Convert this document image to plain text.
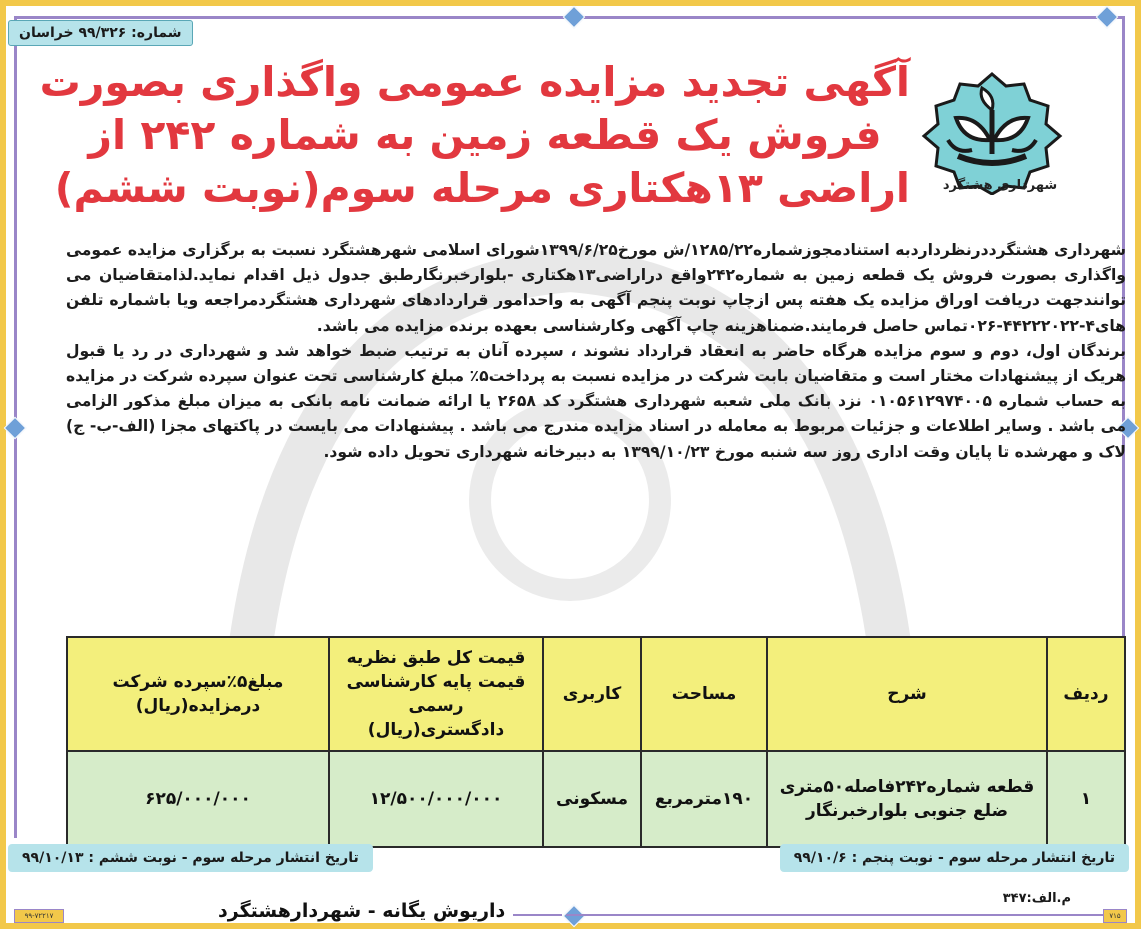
شماره: ۹۹/۳۲۶ خراسان
شهرداری هشتگرد
آگهی تجدید مزایده عمومی واگذاری بصورت
فروش یک قطعه زمین به شماره ۲۴۲ از
اراضی ۱۳هکتاری مرحله سوم(نوبت ششم)

شهرداری هشتگرددرنظرداردبه استنادمجوزشماره۱۲۸۵/۲۲/ش مورخ۱۳۹۹/۶/۲۵شورای اسلامی شهرهشتگرد نسبت به برگزاری مزایده عمومی واگذاری بصورت فروش یک قطعه زمین به شماره۲۴۲واقع دراراضی۱۳هکتاری -بلوارخبرنگارطبق جدول ذیل اقدام نماید.لذامتقاضیان می توانندجهت دریافت اوراق مزایده یک هفته پس ازچاپ نوبت پنجم آگهی به واحدامور قراردادهای شهرداری هشتگردمراجعه ویا باشماره تلفن های۴-۴۴۲۲۲۰۲۲-۰۲۶تماس حاصل فرمایند.ضمناهزینه چاپ آگهی وکارشناسی بعهده برنده مزایده می باشد.

برندگان اول، دوم و سوم مزایده هرگاه حاضر به انعقاد قرارداد نشوند ، سپرده آنان به ترتیب ضبط خواهد شد و شهرداری در رد یا قبول هریک از پیشنهادات مختار است و متقاضیان بابت شرکت در مزایده نسبت به پرداخت۵٪ مبلغ کارشناسی تحت عنوان سپرده شرکت در مزایده به حساب شماره ۰۱۰۵۶۱۲۹۷۴۰۰۵ نزد بانک ملی شعبه شهرداری هشتگرد کد ۲۶۵۸ یا ارائه ضمانت نامه بانکی به میزان مبلغ مذکور الزامی می باشد . وسایر اطلاعات و جزئیات مربوط به معامله در اسناد مزایده مندرج می باشد . پیشنهادات می بایست در پاکتهای مجزا (الف-ب- ج) لاک و مهرشده تا پایان وقت اداری روز سه شنبه مورخ ۱۳۹۹/۱۰/۲۳ به دبیرخانه شهرداری تحویل داده شود.

ردیف	شرح	مساحت	کاربری	قیمت کل طبق نظریه قیمت پایه کارشناسی رسمی دادگستری(ریال)	مبلغ۵٪سپرده شرکت درمزایده(ریال)
۱	قطعه شماره۲۴۲فاصله۵۰متری ضلع جنوبی بلوارخبرنگار	۱۹۰مترمربع	مسکونی	۱۲/۵۰۰/۰۰۰/۰۰۰	۶۲۵/۰۰۰/۰۰۰
تاریخ انتشار مرحله سوم - نوبت ششم : ۹۹/۱۰/۱۳	تاریخ انتشار مرحله سوم - نوبت پنجم : ۹۹/۱۰/۶
م.الف:۳۴۷
داریوش یگانه - شهردارهشتگرد
۹۹-۷۲۲۱۷	۷۱۵
